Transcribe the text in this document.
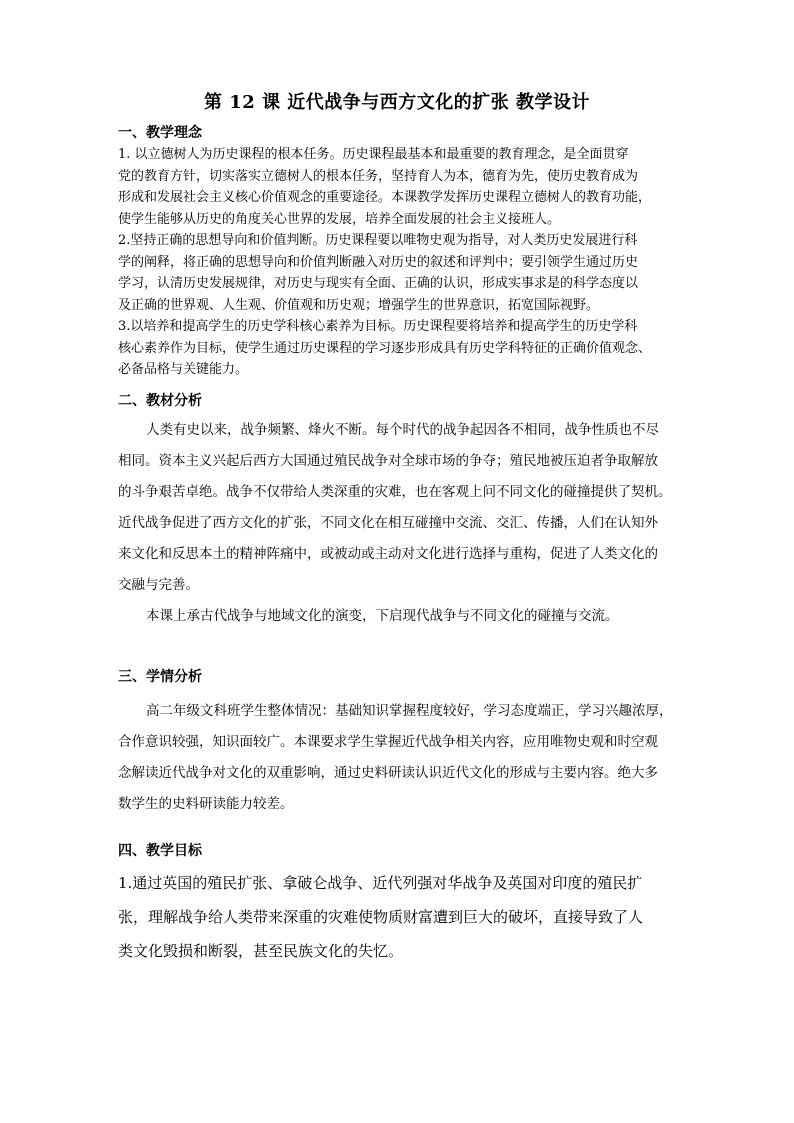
第 12 课 近代战争与西方文化的扩张 教学设计
一、教学理念

1. 以立德树人为历史课程的根本任务。历史课程最基本和最重要的教育理念，是全面贯穿

党的教育方针，切实落实立德树人的根本任务，坚持育人为本，德育为先，使历史教育成为

形成和发展社会主义核心价值观念的重要途径。本课教学发挥历史课程立德树人的教育功能，

使学生能够从历史的角度关心世界的发展，培养全面发展的社会主义接班人。

2.坚持正确的思想导向和价值判断。历史课程要以唯物史观为指导，对人类历史发展进行科

学的阐释，将正确的思想导向和价值判断融入对历史的叙述和评判中；要引领学生通过历史

学习，认清历史发展规律，对历史与现实有全面、正确的认识，形成实事求是的科学态度以

及正确的世界观、人生观、价值观和历史观；增强学生的世界意识，拓宽国际视野。

3.以培养和提高学生的历史学科核心素养为目标。历史课程要将培养和提高学生的历史学科

核心素养作为目标，使学生通过历史课程的学习逐步形成具有历史学科特征的正确价值观念、

必备品格与关键能力。

二、教材分析

人类有史以来，战争频繁、烽火不断。每个时代的战争起因各不相同，战争性质也不尽

相同。资本主义兴起后西方大国通过殖民战争对全球市场的争夺；殖民地被压迫者争取解放

的斗争艰苦卓绝。战争不仅带给人类深重的灾难，也在客观上问不同文化的碰撞提供了契机。

近代战争促进了西方文化的扩张，不同文化在相互碰撞中交流、交汇、传播，人们在认知外

来文化和反思本土的精神阵痛中，或被动或主动对文化进行选择与重构，促进了人类文化的

交融与完善。

本课上承古代战争与地域文化的演变，下启现代战争与不同文化的碰撞与交流。

三、学情分析

高二年级文科班学生整体情况：基础知识掌握程度较好，学习态度端正，学习兴趣浓厚，

合作意识较强，知识面较广。本课要求学生掌握近代战争相关内容，应用唯物史观和时空观

念解读近代战争对文化的双重影响，通过史料研读认识近代文化的形成与主要内容。绝大多

数学生的史料研读能力较差。

四、教学目标

1.通过英国的殖民扩张、拿破仑战争、近代列强对华战争及英国对印度的殖民扩

张，理解战争给人类带来深重的灾难使物质财富遭到巨大的破坏，直接导致了人

类文化毁损和断裂，甚至民族文化的失忆。
